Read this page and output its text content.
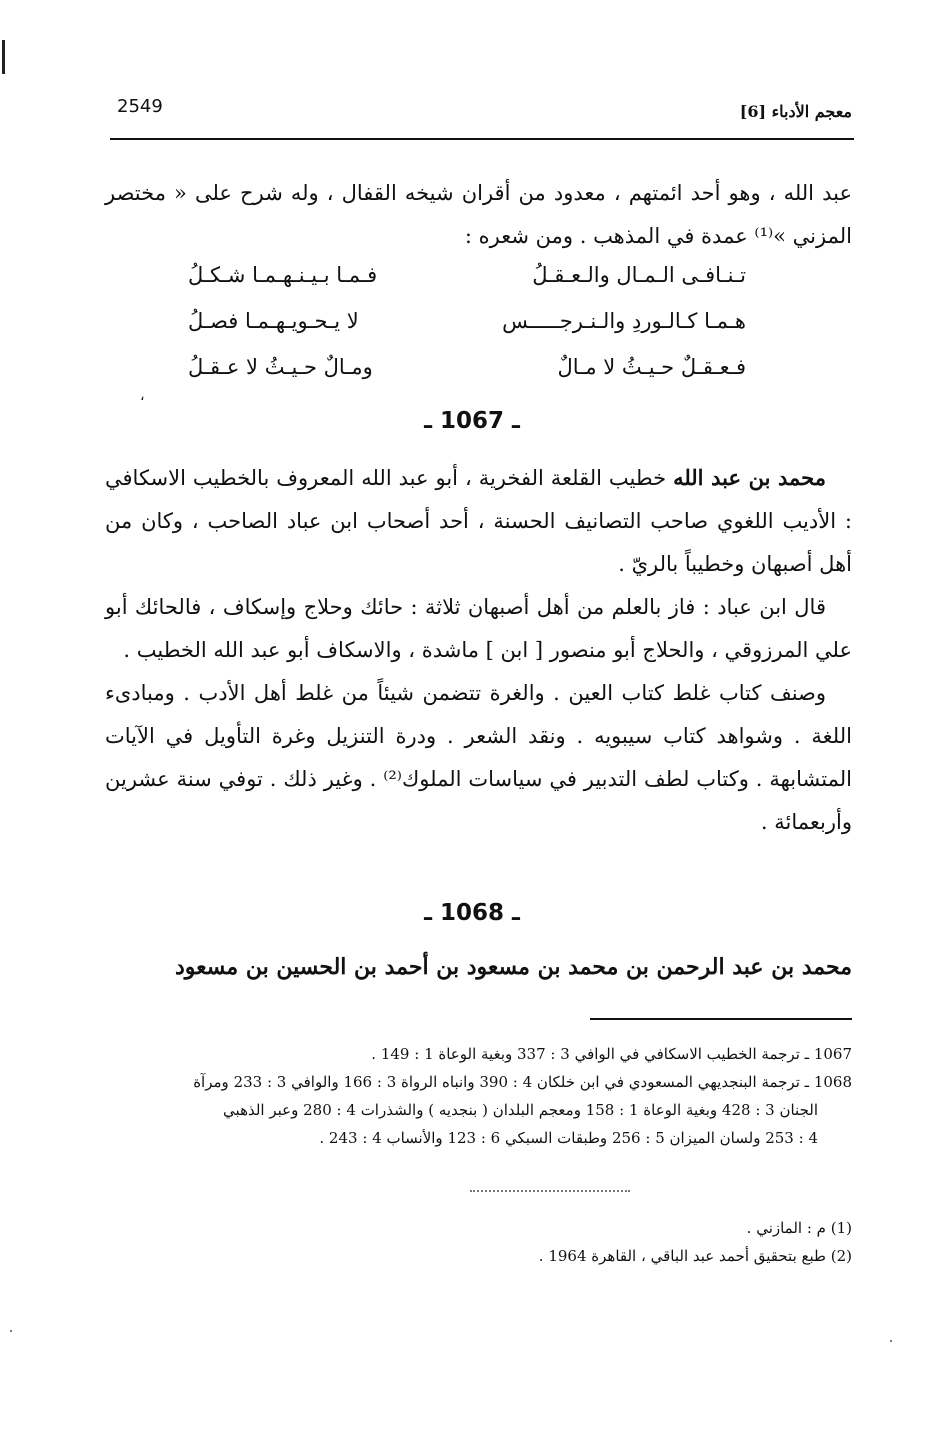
2549	معجم الأدباء [6]

عبد الله ، وهو أحد ائمتهم ، معدود من أقران شيخه القفال ، وله شرح على « مختصر المزني »⁽¹⁾ عمدة في المذهب . ومن شعره :

تـنـافـى الـمـال والـعـقـلُ
فـمـا بـيـنـهـمـا شـكـلُ
هـمـا كـالـوردِ والـنـرجـــــس
لا يـحـويـهـمـا فصـلُ
فـعـقـلٌ حـيـثُ لا مـالٌ
ومـالٌ حـيـثُ لا عـقـلُ
،
ـ 1067 ـ

محمد بن عبد الله خطيب القلعة الفخرية ، أبو عبد الله المعروف بالخطيب الاسكافي : الأديب اللغوي صاحب التصانيف الحسنة ، أحد أصحاب ابن عباد الصاحب ، وكان من أهل أصبهان وخطيباً بالريّ .

قال ابن عباد : فاز بالعلم من أهل أصبهان ثلاثة : حائك وحلاج وإسكاف ، فالحائك أبو علي المرزوقي ، والحلاج أبو منصور [ ابن ] ماشدة ، والاسكاف أبو عبد الله الخطيب .

وصنف كتاب غلط كتاب العين . والغرة تتضمن شيئاً من غلط أهل الأدب . ومبادىء اللغة . وشواهد كتاب سيبويه . ونقد الشعر . ودرة التنزيل وغرة التأويل في الآيات المتشابهة . وكتاب لطف التدبير في سياسات الملوك⁽²⁾ . وغير ذلك . توفي سنة عشرين وأربعمائة .

ـ 1068 ـ

محمد بن عبد الرحمن بن محمد بن مسعود بن أحمد بن الحسين بن مسعود

1067 ـ ترجمة الخطيب الاسكافي في الوافي 3 : 337 وبغية الوعاة 1 : 149 .

1068 ـ ترجمة البنجديهي المسعودي في ابن خلكان 4 : 390 وانباه الرواة 3 : 166 والوافي 3 : 233 ومرآة

الجنان 3 : 428 وبغية الوعاة 1 : 158 ومعجم البلدان ( بنجديه ) والشذرات 4 : 280 وعبر الذهبي

4 : 253 ولسان الميزان 5 : 256 وطبقات السبكي 6 : 123 والأنساب 4 : 243 .

(1) م : المازني .

(2) طبع بتحقيق أحمد عبد الباقي ، القاهرة 1964 .
